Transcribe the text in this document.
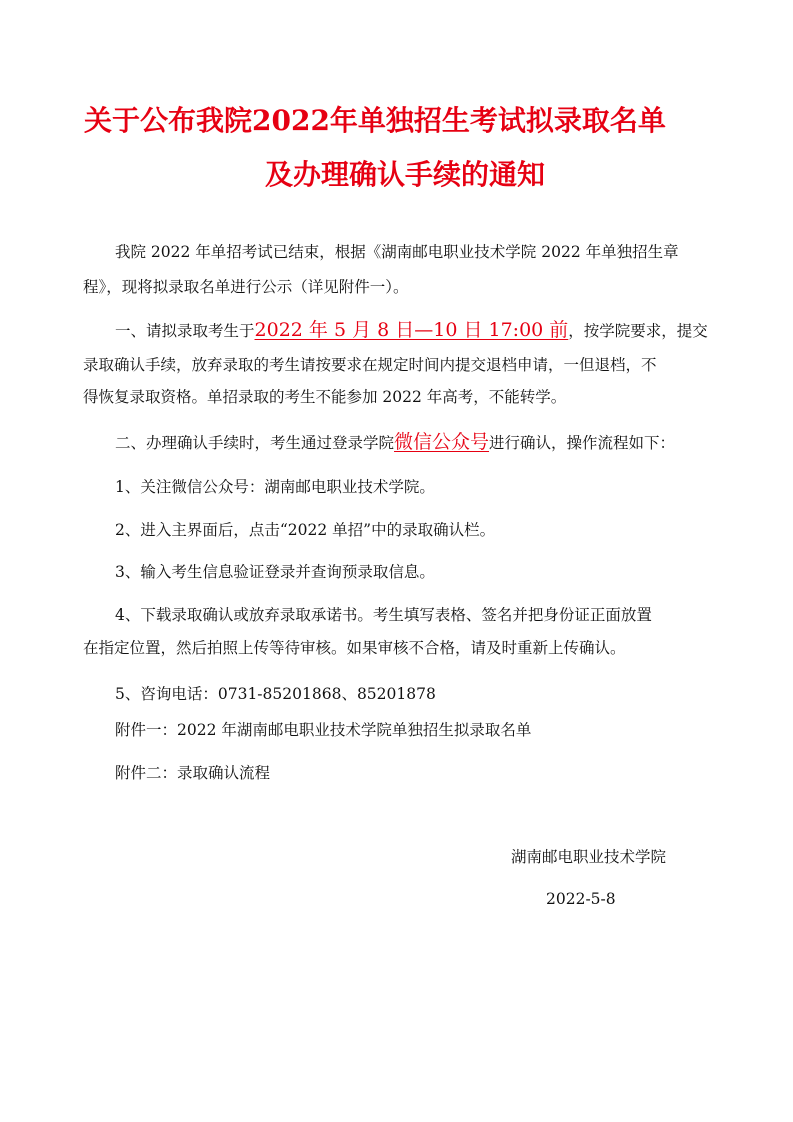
关于公布我院2022年单独招生考试拟录取名单
及办理确认手续的通知
我院 2022 年单招考试已结束，根据《湖南邮电职业技术学院 2022 年单独招生章
程》，现将拟录取名单进行公示（详见附件一）。
一、请拟录取考生于2022 年 5 月 8 日—10 日 17:00 前，按学院要求，提交
录取确认手续，放弃录取的考生请按要求在规定时间内提交退档申请，一但退档，不
得恢复录取资格。单招录取的考生不能参加 2022 年高考，不能转学。
二、办理确认手续时，考生通过登录学院微信公众号进行确认，操作流程如下：
1、关注微信公众号：湖南邮电职业技术学院。
2、进入主界面后，点击“2022 单招”中的录取确认栏。
3、输入考生信息验证登录并查询预录取信息。
4、下载录取确认或放弃录取承诺书。考生填写表格、签名并把身份证正面放置
在指定位置，然后拍照上传等待审核。如果审核不合格，请及时重新上传确认。
5、咨询电话：0731-85201868、85201878
附件一：2022 年湖南邮电职业技术学院单独招生拟录取名单
附件二：录取确认流程
湖南邮电职业技术学院
2022-5-8
